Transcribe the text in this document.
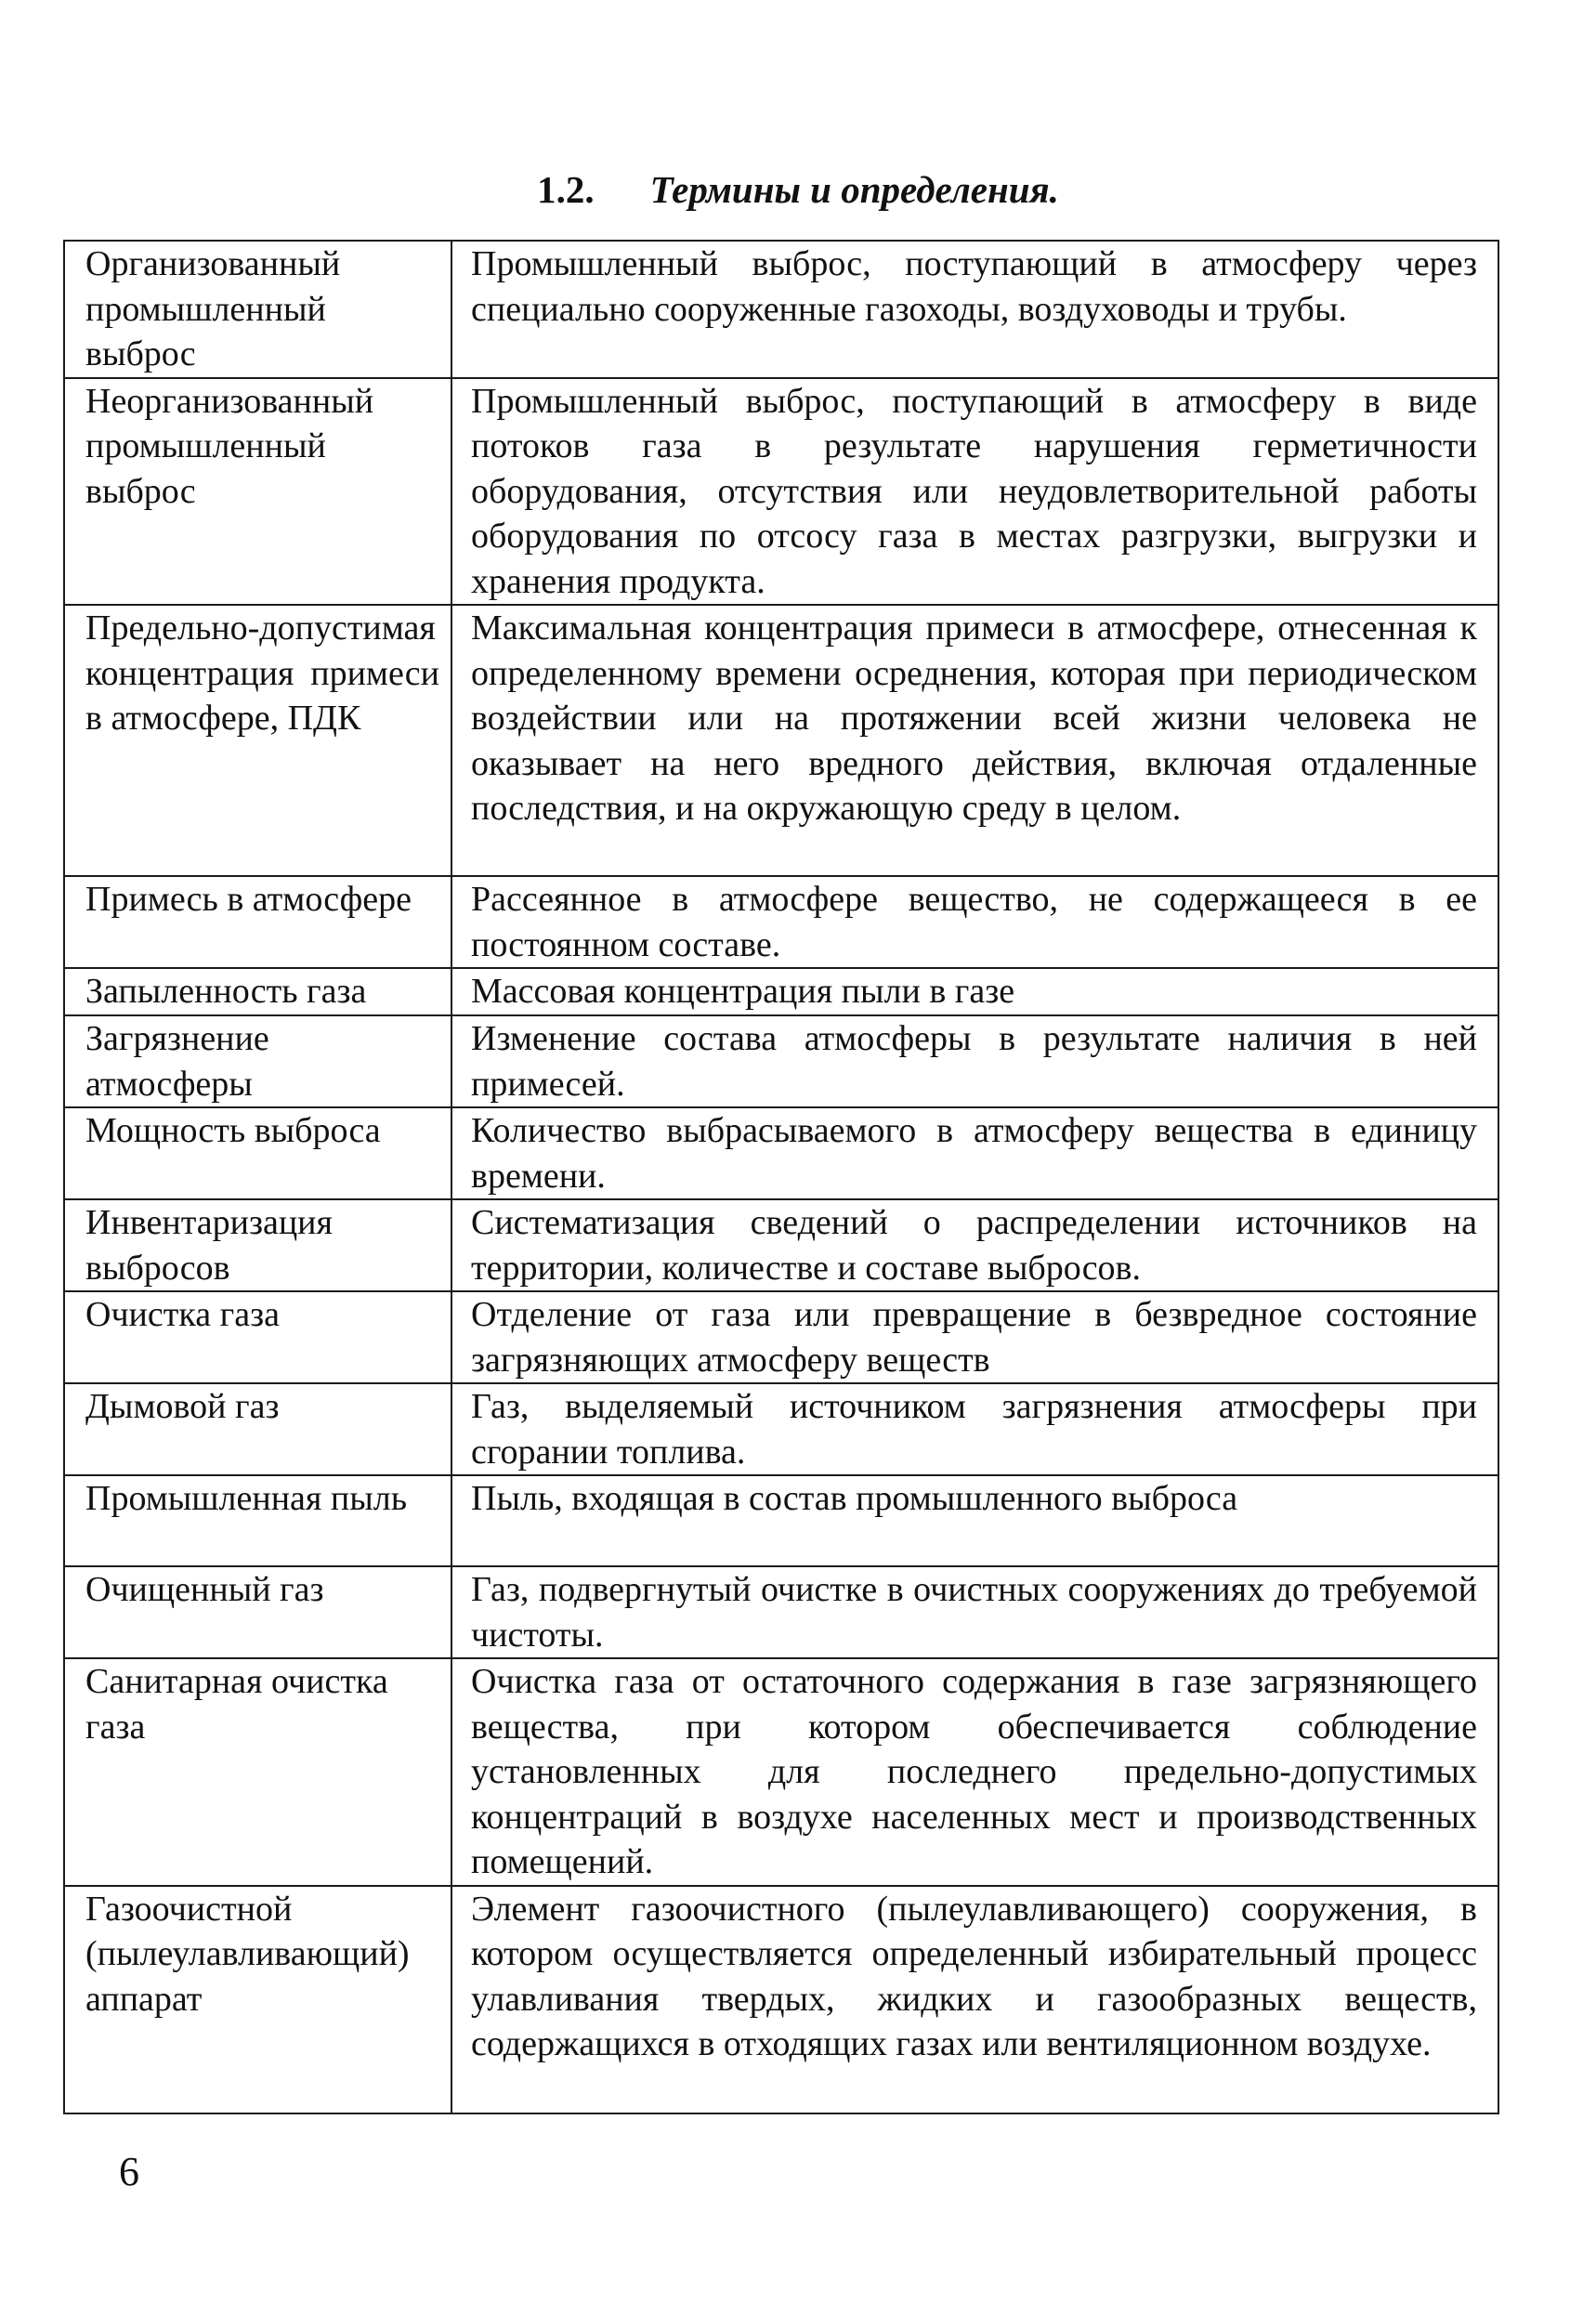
1.2. Термины и определения.
Организованный промышленный выброс	Промышленный выброс, поступающий в атмосферу через специально сооруженные газоходы, воздуховоды и трубы.
Неорганизованный промышленный выброс	Промышленный выброс, поступающий в атмосферу в виде потоков газа в результате нарушения герметичности оборудования, отсутствия или неудовлетворительной работы оборудования по отсосу газа в местах разгрузки, выгрузки и хранения продукта.
Предельно-допустимая концентрация примеси в атмосфере, ПДК	Максимальная концентрация примеси в атмосфере, отнесенная к определенному времени осреднения, которая при периодическом воздействии или на протяжении всей жизни человека не оказывает на него вредного действия, включая отдаленные последствия, и на окружающую среду в целом.
Примесь в атмосфере	Рассеянное в атмосфере вещество, не содержащееся в ее постоянном составе.
Запыленность газа	Массовая концентрация пыли в газе
Загрязнение атмосферы	Изменение состава атмосферы в результате наличия в ней примесей.
Мощность выброса	Количество выбрасываемого в атмосферу вещества в единицу времени.
Инвентаризация выбросов	Систематизация сведений о распределении источников на территории, количестве и составе выбросов.
Очистка газа	Отделение от газа или превращение в безвредное состояние загрязняющих атмосферу веществ
Дымовой газ	Газ, выделяемый источником загрязнения атмосферы при сгорании топлива.
Промышленная пыль	Пыль, входящая в состав промышленного выброса
Очищенный газ	Газ, подвергнутый очистке в очистных сооружениях до требуемой чистоты.
Санитарная очистка газа	Очистка газа от остаточного содержания в газе загрязняющего вещества, при котором обеспечивается соблюдение установленных для последнего предельно-допустимых концентраций в воздухе населенных мест и производственных помещений.
Газоочистной (пылеулавливающий) аппарат	Элемент газоочистного (пылеулавливающего) сооружения, в котором осуществляется определенный избирательный процесс улавливания твердых, жидких и газообразных веществ, содержащихся в отходящих газах или вентиляционном воздухе.
6
